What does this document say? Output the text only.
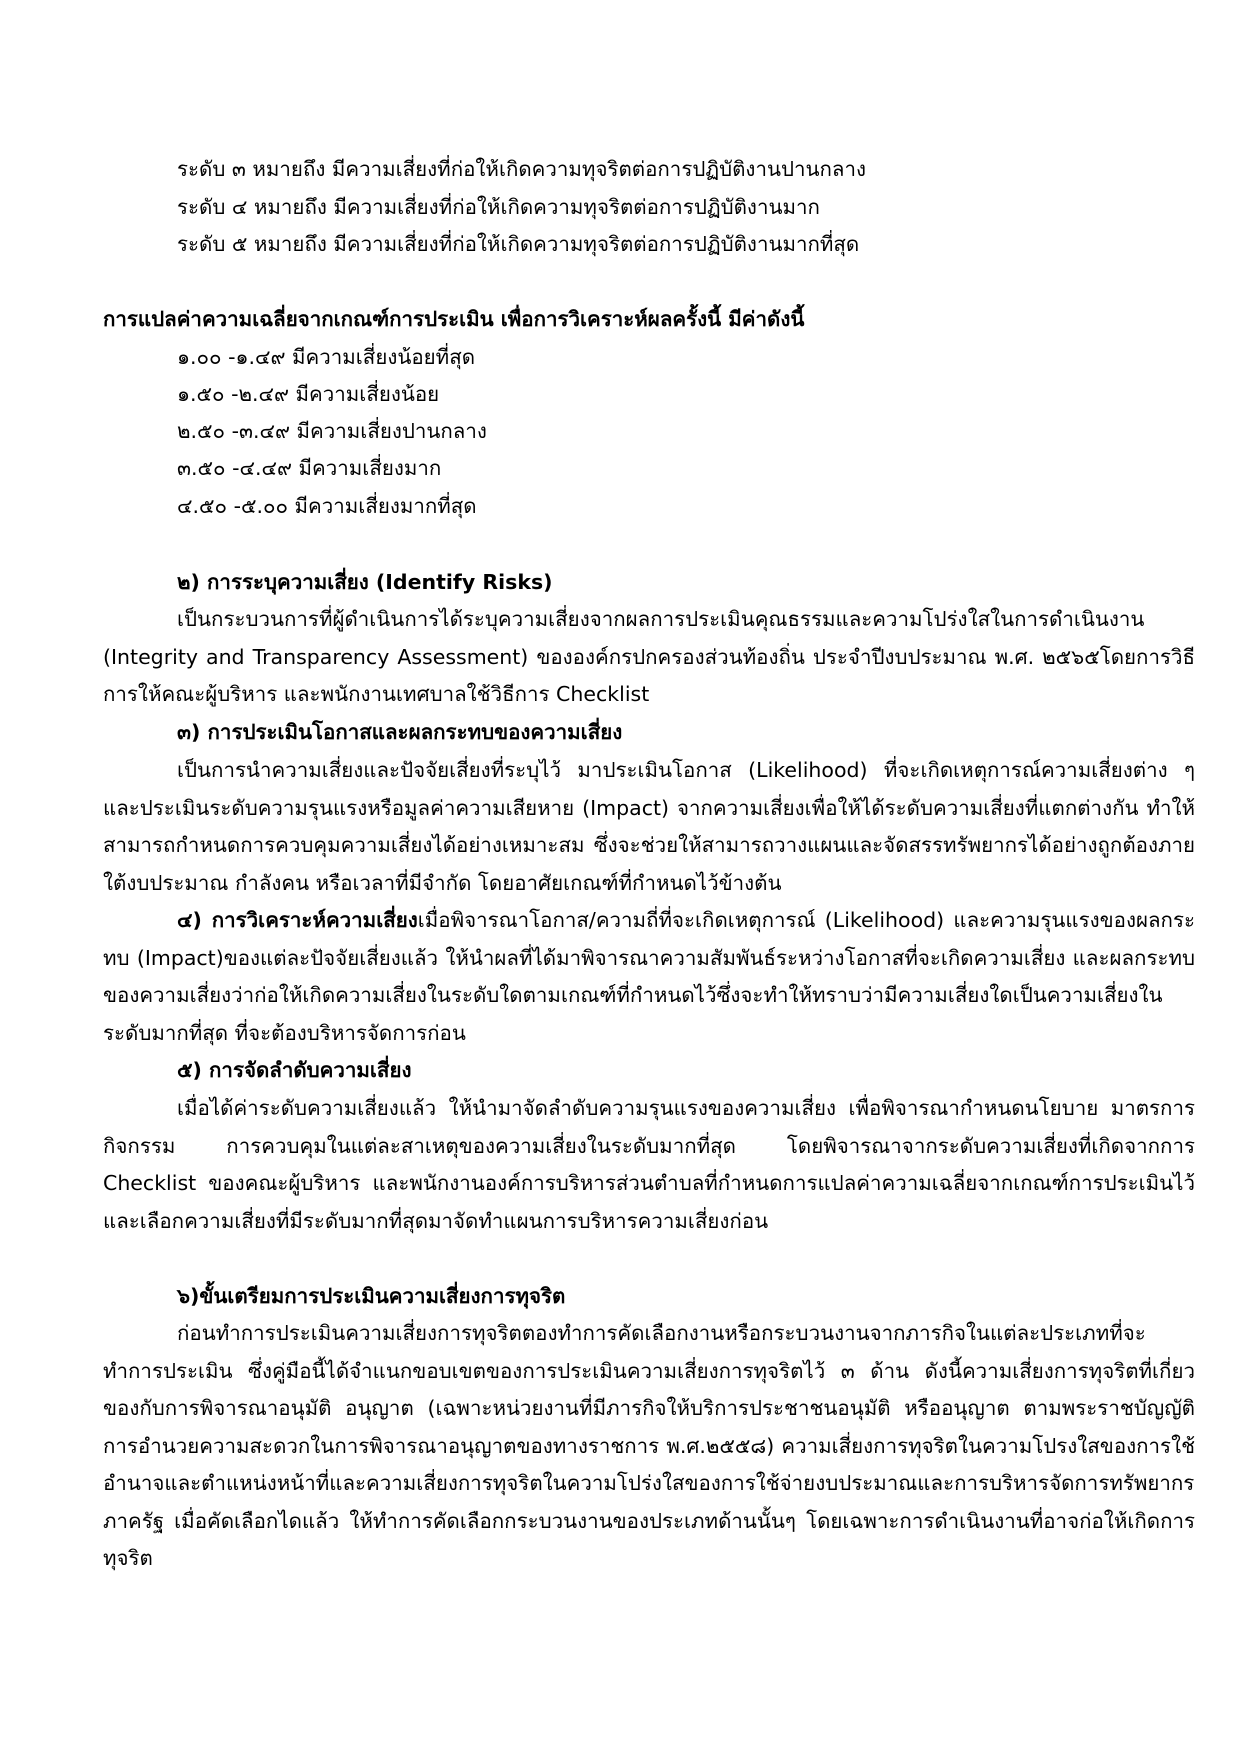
ระดับ ๓ หมายถึง มีความเสี่ยงที่ก่อให้เกิดความทุจริตต่อการปฏิบัติงานปานกลาง
ระดับ ๔ หมายถึง มีความเสี่ยงที่ก่อให้เกิดความทุจริตต่อการปฏิบัติงานมาก
ระดับ ๕ หมายถึง มีความเสี่ยงที่ก่อให้เกิดความทุจริตต่อการปฏิบัติงานมากที่สุด
การแปลค่าความเฉลี่ยจากเกณฑ์การประเมิน เพื่อการวิเคราะห์ผลครั้งนี้ มีค่าดังนี้
๑.๐๐ -๑.๔๙ มีความเสี่ยงน้อยที่สุด
๑.๕๐ -๒.๔๙ มีความเสี่ยงน้อย
๒.๕๐ -๓.๔๙ มีความเสี่ยงปานกลาง
๓.๕๐ -๔.๔๙ มีความเสี่ยงมาก
๔.๕๐ -๕.๐๐ มีความเสี่ยงมากที่สุด
๒) การระบุความเสี่ยง (Identify Risks)

เป็นกระบวนการที่ผู้ดำเนินการได้ระบุความเสี่ยงจากผลการประเมินคุณธรรมและความโปร่งใสในการดำเนินงาน (Integrity and Transparency Assessment) ขององค์กรปกครองส่วนท้องถิ่น ประจำปีงบประมาณ พ.ศ. ๒๕๖๕โดยการวิธีการให้คณะผู้บริหาร และพนักงานเทศบาลใช้วิธีการ Checklist

๓) การประเมินโอกาสและผลกระทบของความเสี่ยง

เป็นการนำความเสี่ยงและปัจจัยเสี่ยงที่ระบุไว้ มาประเมินโอกาส (Likelihood) ที่จะเกิดเหตุการณ์ความเสี่ยงต่าง ๆ และประเมินระดับความรุนแรงหรือมูลค่าความเสียหาย (Impact) จากความเสี่ยงเพื่อให้ได้ระดับความเสี่ยงที่แตกต่างกัน ทำให้สามารถกำหนดการควบคุมความเสี่ยงได้อย่างเหมาะสม ซึ่งจะช่วยให้สามารถวางแผนและจัดสรรทรัพยากรได้อย่างถูกต้องภายใต้งบประมาณ กำลังคน หรือเวลาที่มีจำกัด โดยอาศัยเกณฑ์ที่กำหนดไว้ข้างต้น

๔) การวิเคราะห์ความเสี่ยงเมื่อพิจารณาโอกาส/ความถี่ที่จะเกิดเหตุการณ์ (Likelihood) และความรุนแรงของผลกระทบ (Impact)ของแต่ละปัจจัยเสี่ยงแล้ว ให้นำผลที่ได้มาพิจารณาความสัมพันธ์ระหว่างโอกาสที่จะเกิดความเสี่ยง และผลกระทบของความเสี่ยงว่าก่อให้เกิดความเสี่ยงในระดับใดตามเกณฑ์ที่กำหนดไว้ซึ่งจะทำให้ทราบว่ามีความเสี่ยงใดเป็นความเสี่ยงในระดับมากที่สุด ที่จะต้องบริหารจัดการก่อน

๕) การจัดลำดับความเสี่ยง

เมื่อได้ค่าระดับความเสี่ยงแล้ว ให้นำมาจัดลำดับความรุนแรงของความเสี่ยง เพื่อพิจารณากำหนดนโยบาย มาตรการ กิจกรรม การควบคุมในแต่ละสาเหตุของความเสี่ยงในระดับมากที่สุด โดยพิจารณาจากระดับความเสี่ยงที่เกิดจากการ Checklist ของคณะผู้บริหาร และพนักงานองค์การบริหารส่วนตำบลที่กำหนดการแปลค่าความเฉลี่ยจากเกณฑ์การประเมินไว้ และเลือกความเสี่ยงที่มีระดับมากที่สุดมาจัดทำแผนการบริหารความเสี่ยงก่อน

๖)ขั้นเตรียมการประเมินความเสี่ยงการทุจริต

ก่อนทำการประเมินความเสี่ยงการทุจริตตองทำการคัดเลือกงานหรือกระบวนงานจากภารกิจในแต่ละประเภทที่จะทำการประเมิน ซึ่งคู่มือนี้ได้จำแนกขอบเขตของการประเมินความเสี่ยงการทุจริตไว้ ๓ ด้าน ดังนี้ความเสี่ยงการทุจริตที่เกี่ยวของกับการพิจารณาอนุมัติ อนุญาต (เฉพาะหน่วยงานที่มีภารกิจให้บริการประชาชนอนุมัติ หรืออนุญาต ตามพระราชบัญญัติการอำนวยความสะดวกในการพิจารณาอนุญาตของทางราชการ พ.ศ.๒๕๕๘) ความเสี่ยงการทุจริตในความโปรงใสของการใช้อำนาจและตำแหน่งหน้าที่และความเสี่ยงการทุจริตในความโปร่งใสของการใช้จ่ายงบประมาณและการบริหารจัดการทรัพยากรภาครัฐ เมื่อคัดเลือกไดแล้ว ให้ทำการคัดเลือกกระบวนงานของประเภทด้านนั้นๆ โดยเฉพาะการดำเนินงานที่อาจก่อให้เกิดการทุจริต
